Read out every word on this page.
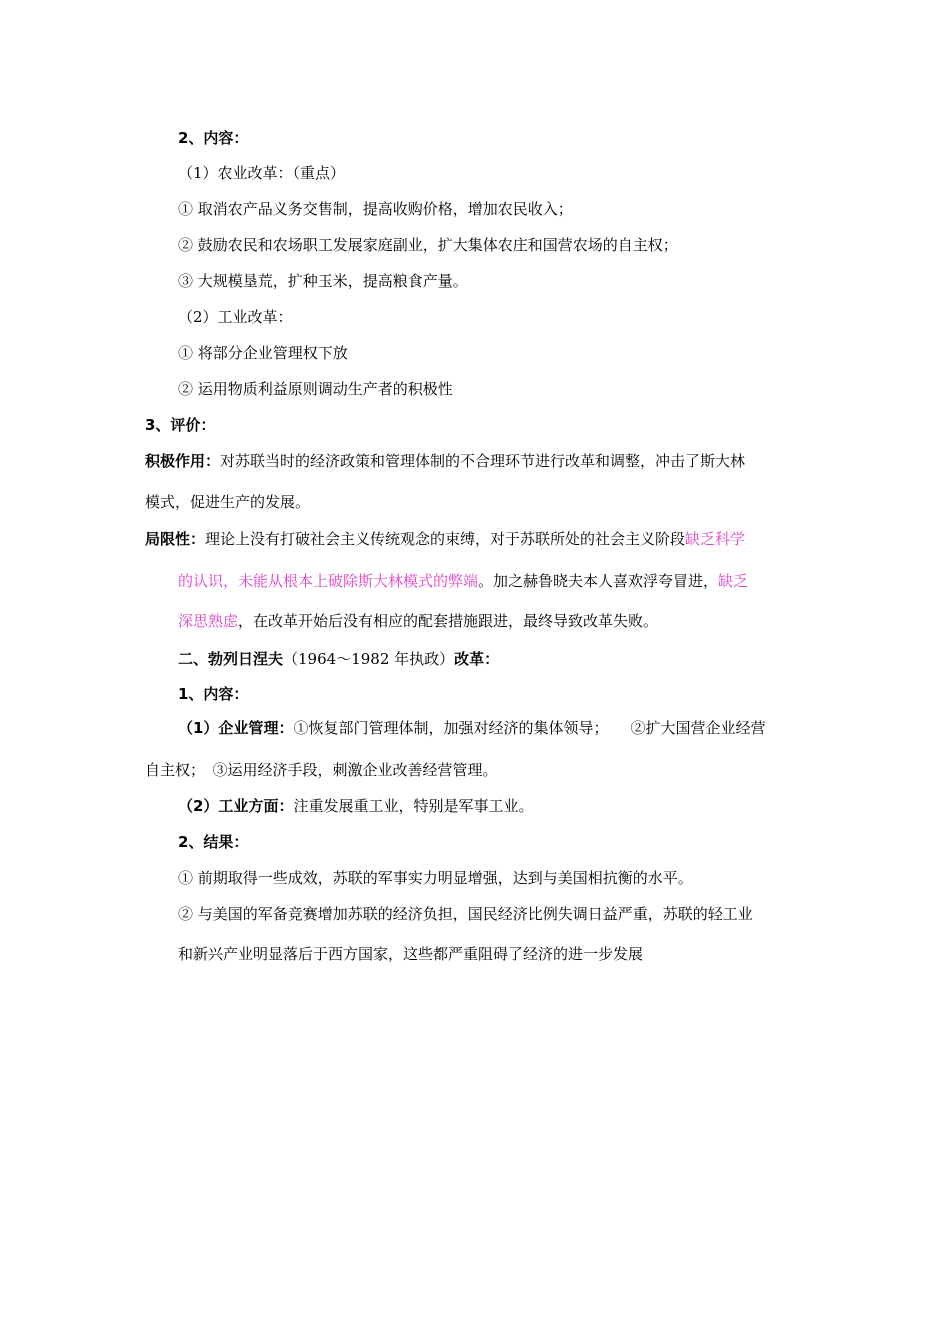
2、内容：
（1）农业改革：（重点）
① 取消农产品义务交售制，提高收购价格，增加农民收入；
② 鼓励农民和农场职工发展家庭副业，扩大集体农庄和国营农场的自主权；
③ 大规模垦荒，扩种玉米，提高粮食产量。
（2）工业改革：
① 将部分企业管理权下放
② 运用物质利益原则调动生产者的积极性
3、评价：
积极作用：对苏联当时的经济政策和管理体制的不合理环节进行改革和调整，冲击了斯大林
模式，促进生产的发展。
局限性：理论上没有打破社会主义传统观念的束缚，对于苏联所处的社会主义阶段缺乏科学
的认识，未能从根本上破除斯大林模式的弊端。加之赫鲁晓夫本人喜欢浮夸冒进，缺乏
深思熟虑，在改革开始后没有相应的配套措施跟进，最终导致改革失败。
二、勃列日涅夫（1964～1982 年执政）改革：
1、内容：
（1）企业管理：①恢复部门管理体制，加强对经济的集体领导； ②扩大国营企业经营
自主权；　③运用经济手段，刺激企业改善经营管理。
（2）工业方面：注重发展重工业，特别是军事工业。
2、结果：
① 前期取得一些成效，苏联的军事实力明显增强，达到与美国相抗衡的水平。
② 与美国的军备竞赛增加苏联的经济负担，国民经济比例失调日益严重，苏联的轻工业
和新兴产业明显落后于西方国家，这些都严重阻碍了经济的进一步发展
